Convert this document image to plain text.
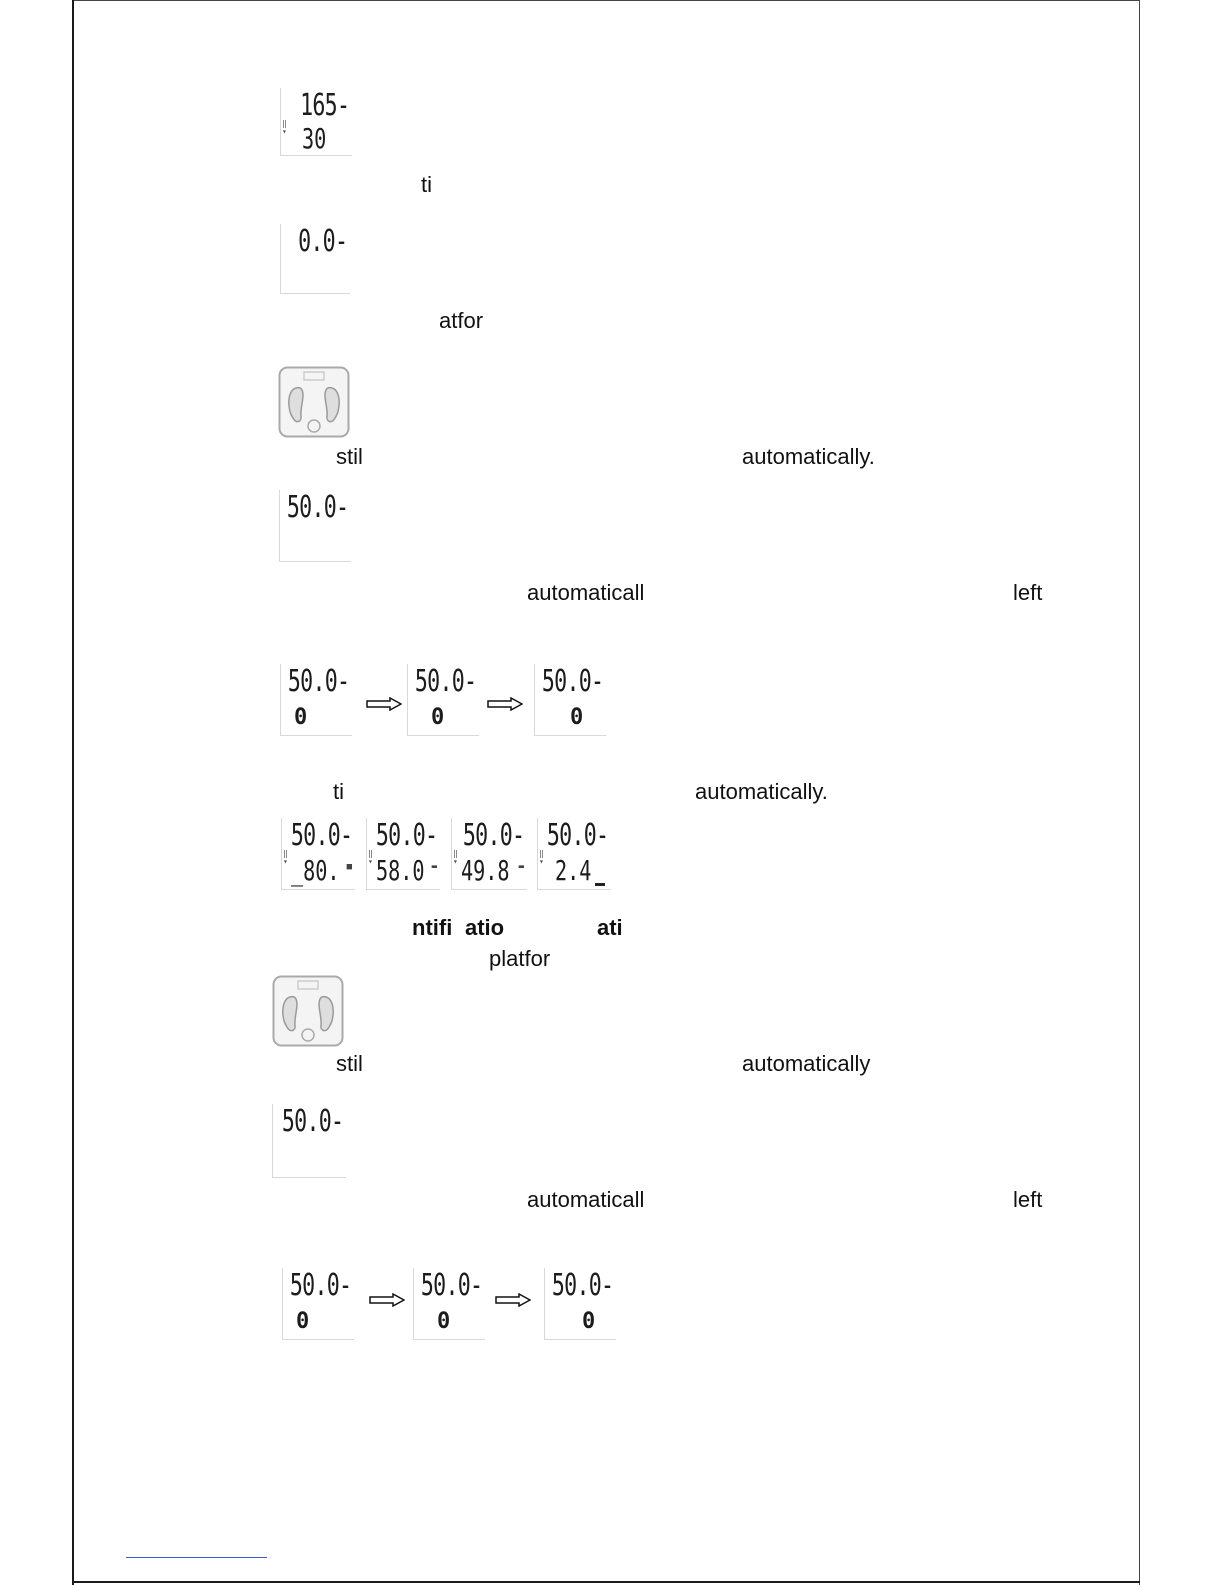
165-
‖
▾ 30
ti
0.0-
atfor
stil	automatically.
50.0-
automaticall	left
50.0-
0
50.0-
0
50.0-
0
ti	automatically.
50.0-
‖
▾ _80. ■
50.0-
‖
▾ 58.0 ▬
50.0-
‖
▾ 49.8 ▬
50.0-
‖
▾ 2.4
ntifi atio	ati
platfor
stil	automatically
50.0-
automaticall	left
50.0-
0
50.0-
0
50.0-
0
